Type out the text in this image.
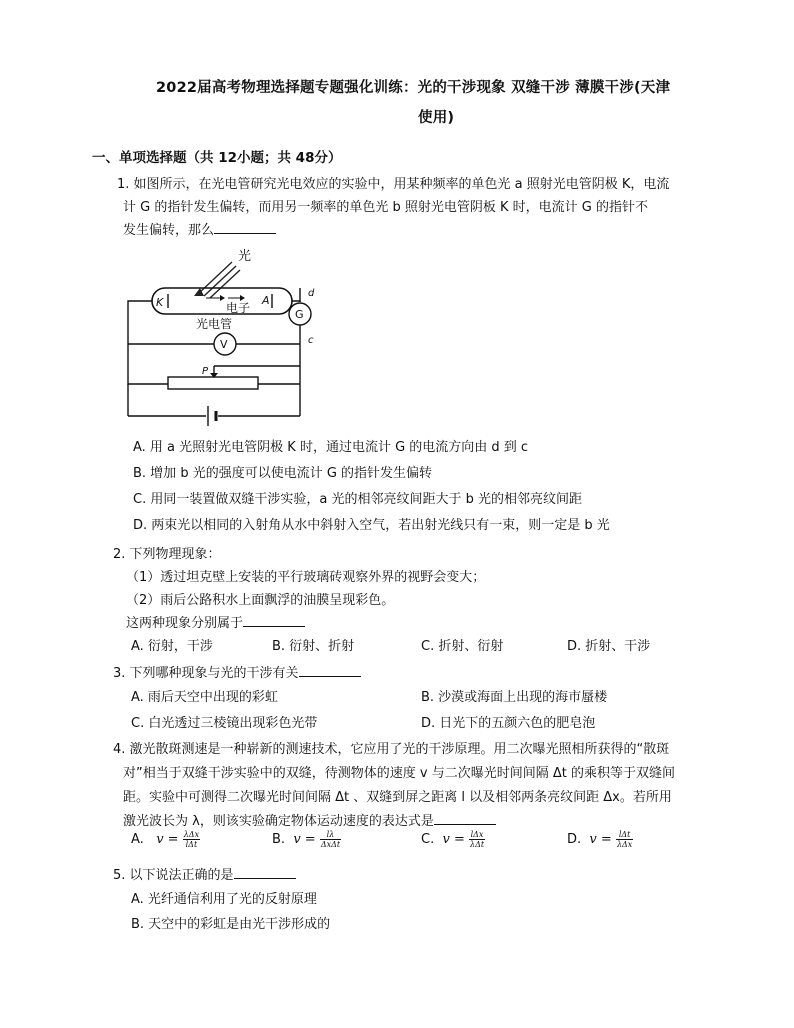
2022届高考物理选择题专题强化训练：光的干涉现象 双缝干涉 薄膜干涉(天津
使用)
一、单项选择题（共 12小题；共 48分）
1. 如图所示，在光电管研究光电效应的实验中，用某种频率的单色光 a 照射光电管阴极 K，电流
计 G 的指针发生偏转，而用另一频率的单色光 b 照射光电管阴板 K 时，电流计 G 的指针不
发生偏转，那么
光
K	A
电子
光电管
d
G
c
V
P
A. 用 a 光照射光电管阴极 K 时，通过电流计 G 的电流方向由 d 到 c
B. 增加 b 光的强度可以使电流计 G 的指针发生偏转
C. 用同一装置做双缝干涉实验，a 光的相邻亮纹间距大于 b 光的相邻亮纹间距
D. 两束光以相同的入射角从水中斜射入空气，若出射光线只有一束，则一定是 b 光
2. 下列物理现象：
（1）透过坦克壁上安装的平行玻璃砖观察外界的视野会变大；
（2）雨后公路积水上面飘浮的油膜呈现彩色。
这两种现象分别属于
A. 衍射，干涉	B. 衍射、折射	C. 折射、衍射	D. 折射、干涉
3. 下列哪种现象与光的干涉有关
A. 雨后天空中出现的彩虹	B. 沙漠或海面上出现的海市蜃楼
C. 白光透过三棱镜出现彩色光带	D. 日光下的五颜六色的肥皂泡
4. 激光散斑测速是一种崭新的测速技术，它应用了光的干涉原理。用二次曝光照相所获得的“散斑
对”相当于双缝干涉实验中的双缝，待测物体的速度 v 与二次曝光时间间隔 Δt 的乘积等于双缝间
距。实验中可测得二次曝光时间间隔 Δt 、双缝到屏之距离 l 以及相邻两条亮纹间距 Δx。若所用
激光波长为 λ，则该实验确定物体运动速度的表达式是
A. $v = \frac{\text{λΔx}}{\text{lΔt}}$	B. $v = \frac{l\lambda}{\text{ΔxΔt}}$	C. $v = \frac{\text{lΔx}}{\text{λΔt}}$	D. $v = \frac{\text{lΔt}}{\text{λΔx}}$
5. 以下说法正确的是
A. 光纤通信利用了光的反射原理
B. 天空中的彩虹是由光干涉形成的
